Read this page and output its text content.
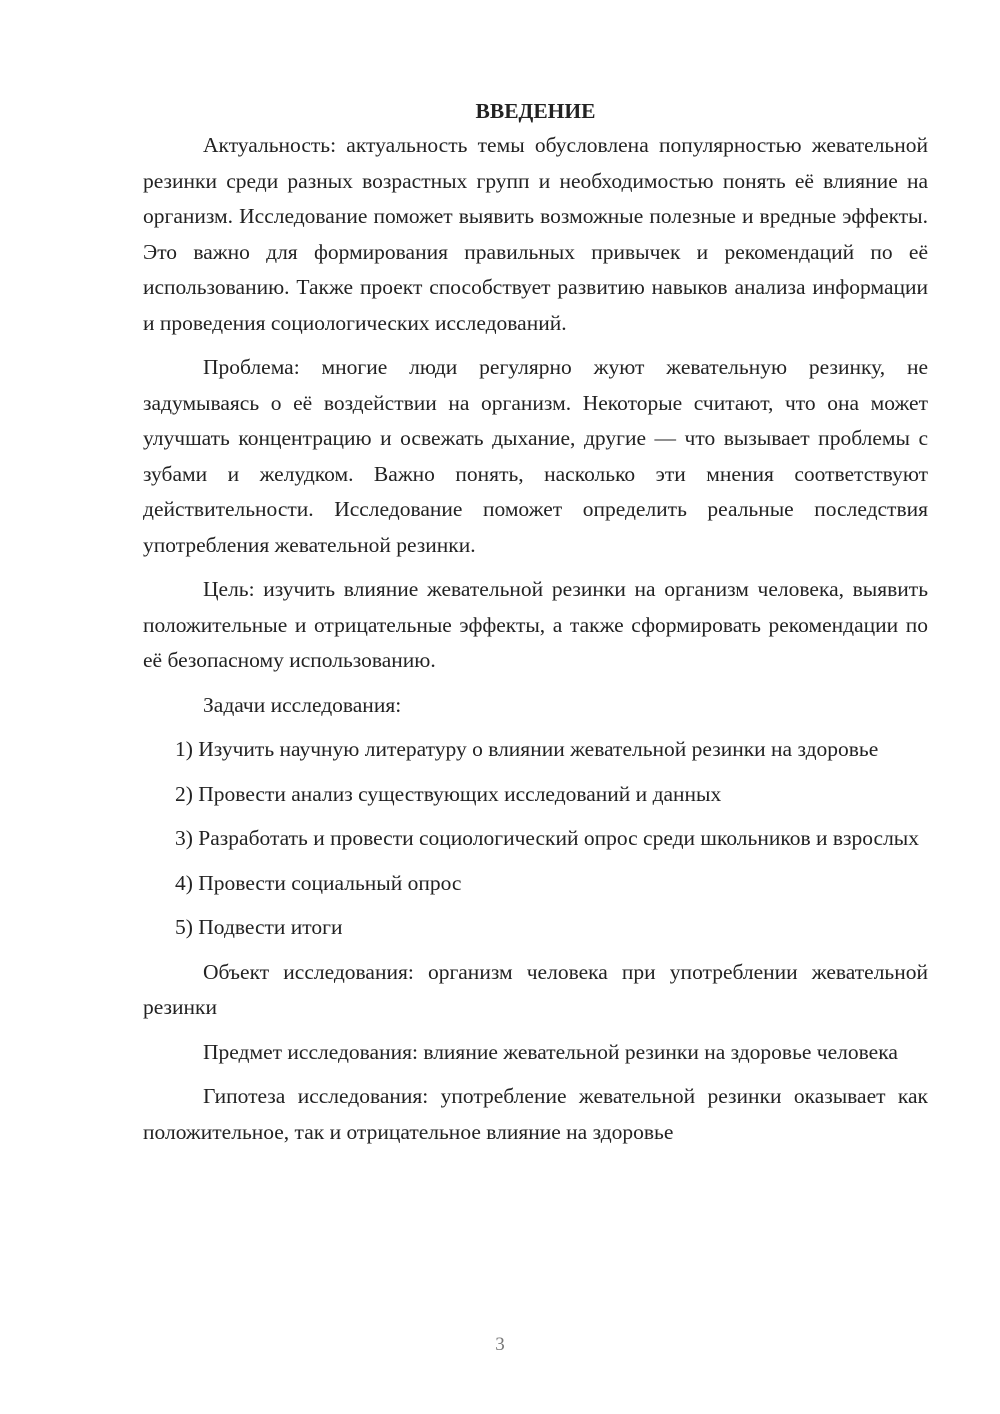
ВВЕДЕНИЕ

Актуальность: актуальность темы обусловлена популярностью жевательной резинки среди разных возрастных групп и необходимостью понять её влияние на организм. Исследование поможет выявить возможные полезные и вредные эффекты. Это важно для формирования правильных привычек и рекомендаций по её использованию. Также проект способствует развитию навыков анализа информации и проведения социологических исследований.

Проблема: многие люди регулярно жуют жевательную резинку, не задумываясь о её воздействии на организм. Некоторые считают, что она может улучшать концентрацию и освежать дыхание, другие — что вызывает проблемы с зубами и желудком. Важно понять, насколько эти мнения соответствуют действительности. Исследование поможет определить реальные последствия употребления жевательной резинки.

Цель: изучить влияние жевательной резинки на организм человека, выявить положительные и отрицательные эффекты, а также сформировать рекомендации по её безопасному использованию.

Задачи исследования:

1) Изучить научную литературу о влиянии жевательной резинки на здоровье

2) Провести анализ существующих исследований и данных

3) Разработать и провести социологический опрос среди школьников и взрослых

4) Провести социальный опрос

5) Подвести итоги

Объект исследования: организм человека при употреблении жевательной резинки

Предмет исследования: влияние жевательной резинки на здоровье человека

Гипотеза исследования: употребление жевательной резинки оказывает как положительное, так и отрицательное влияние на здоровье

3
